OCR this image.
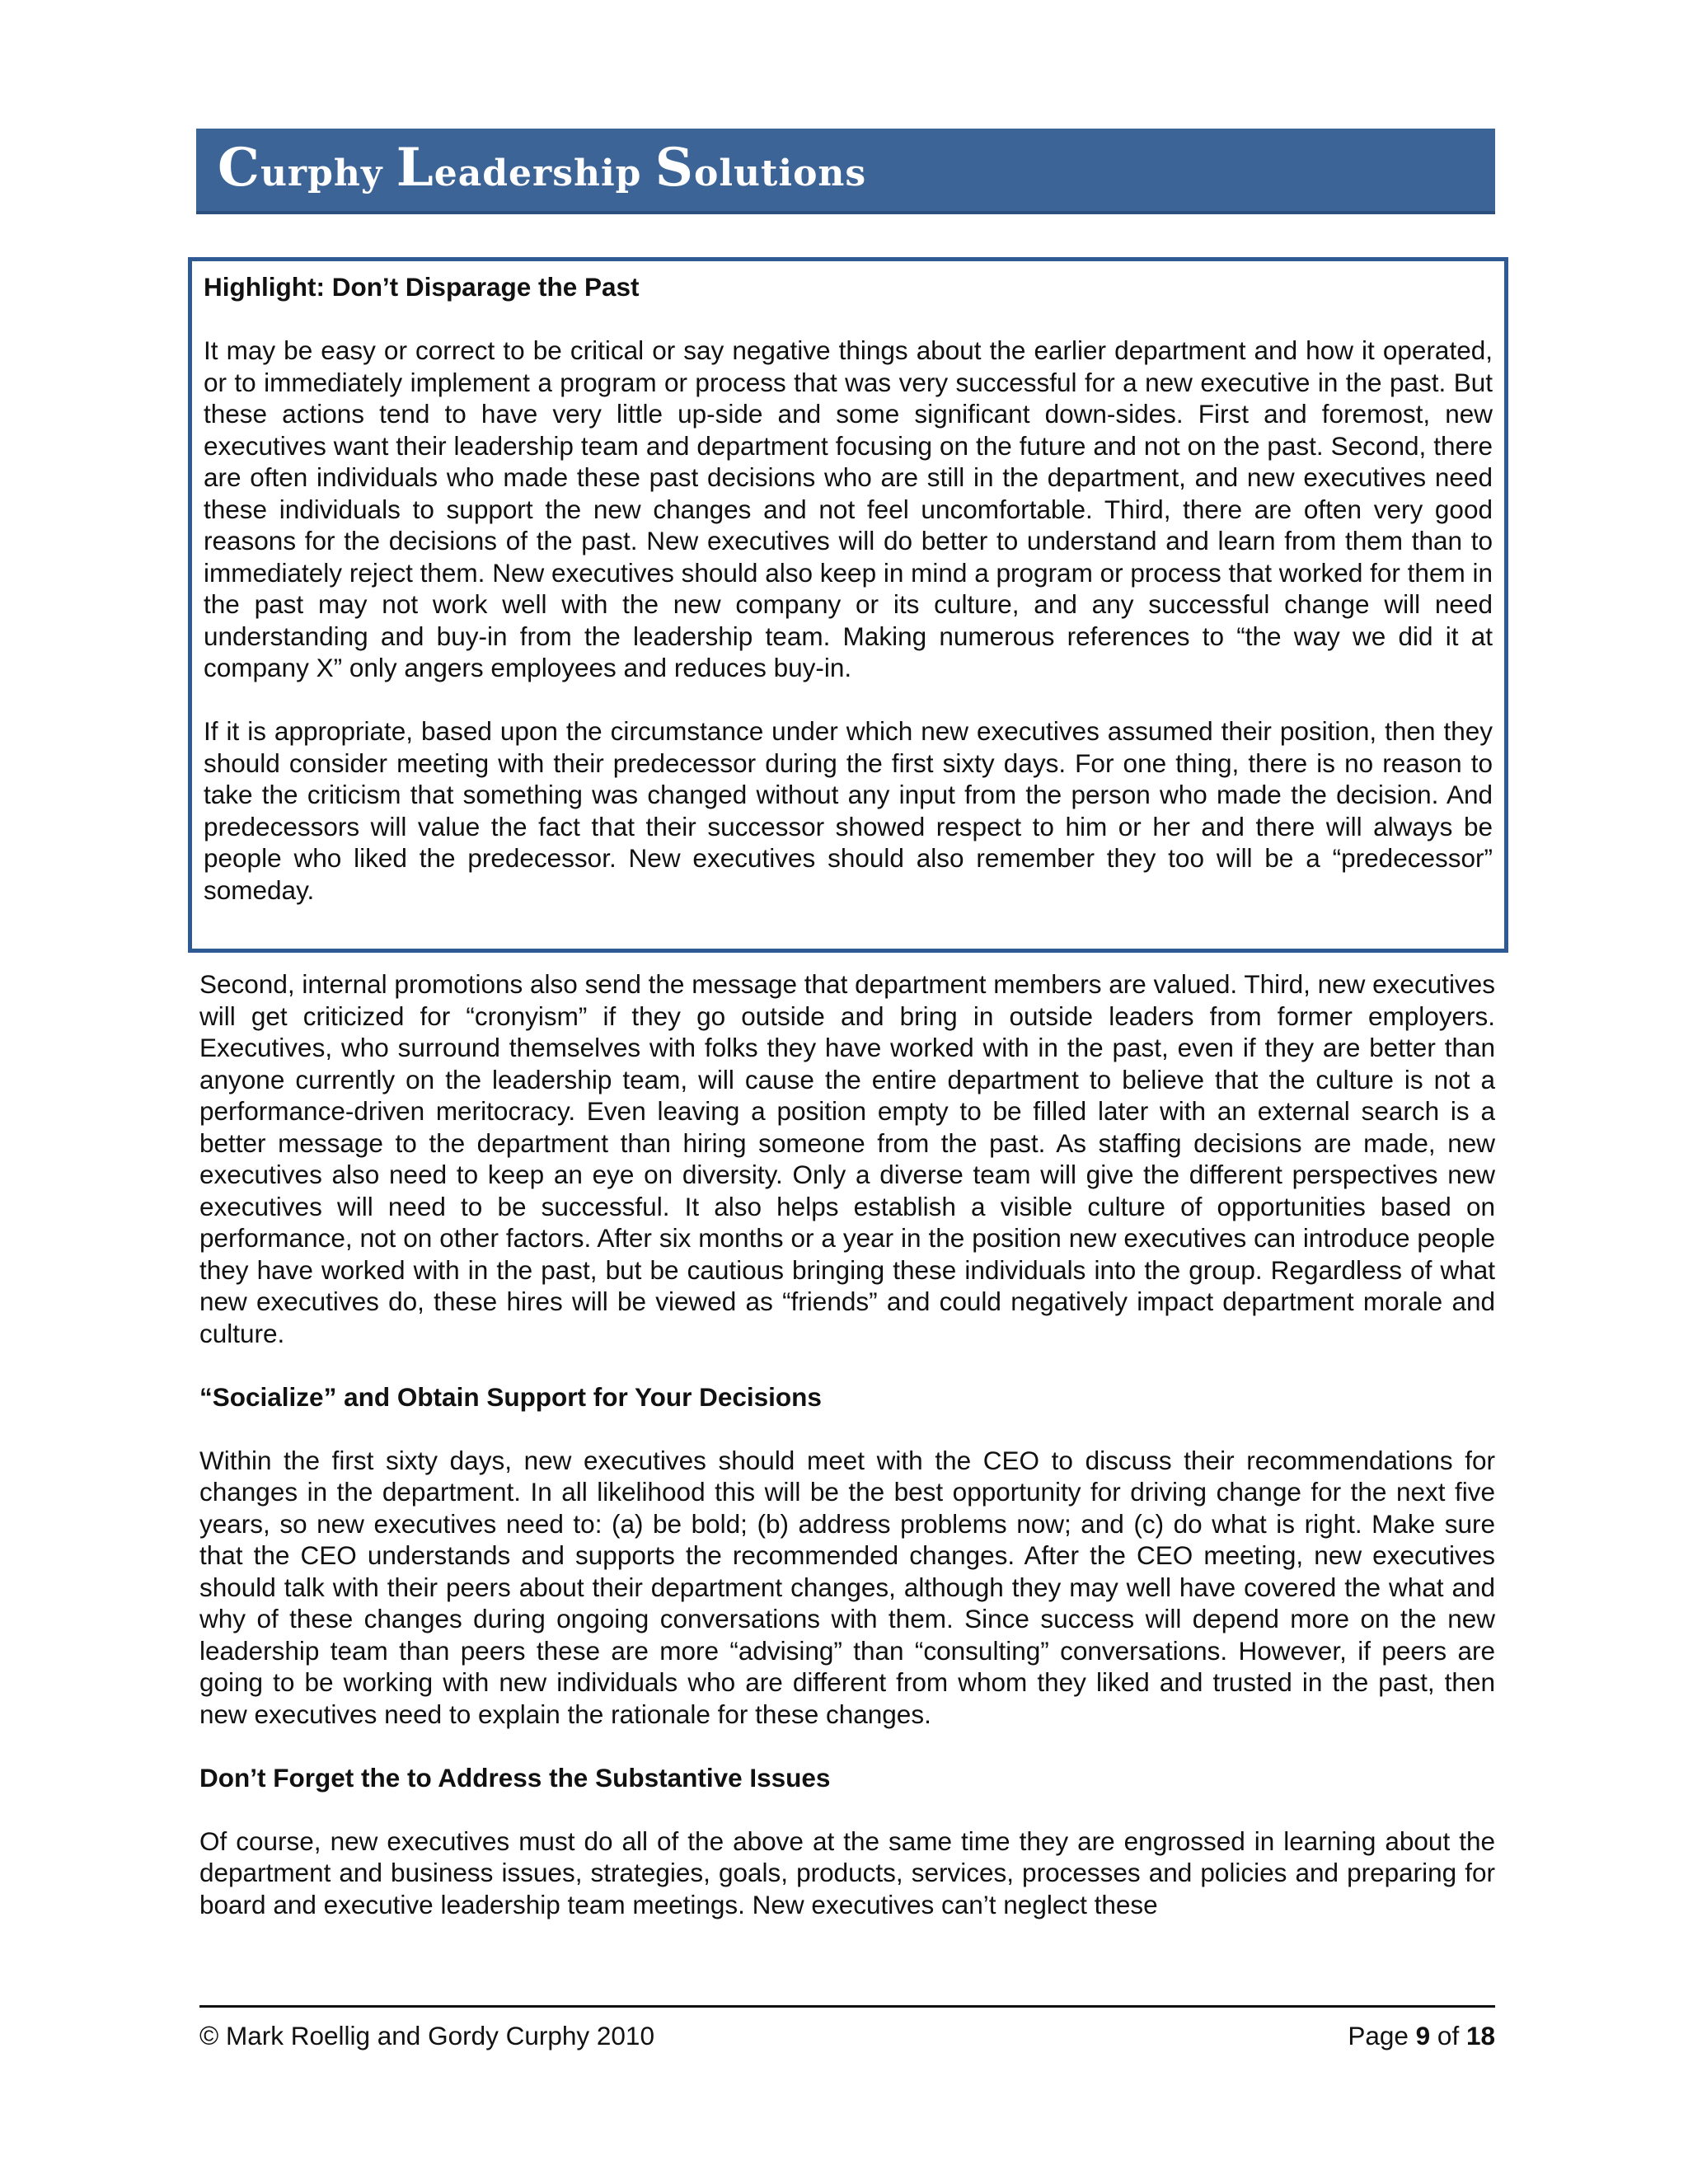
Curphy Leadership Solutions

Highlight: Don’t Disparage the Past

It may be easy or correct to be critical or say negative things about the earlier department and how it operated, or to immediately implement a program or process that was very successful for a new executive in the past. But these actions tend to have very little up-side and some significant down-sides. First and foremost, new executives want their leadership team and department focusing on the future and not on the past. Second, there are often individuals who made these past decisions who are still in the department, and new executives need these individuals to support the new changes and not feel uncomfortable. Third, there are often very good reasons for the decisions of the past. New executives will do better to understand and learn from them than to immediately reject them. New executives should also keep in mind a program or process that worked for them in the past may not work well with the new company or its culture, and any successful change will need understanding and buy-in from the leadership team. Making numerous references to “the way we did it at company X” only angers employees and reduces buy-in.

If it is appropriate, based upon the circumstance under which new executives assumed their position, then they should consider meeting with their predecessor during the first sixty days. For one thing, there is no reason to take the criticism that something was changed without any input from the person who made the decision. And predecessors will value the fact that their successor showed respect to him or her and there will always be people who liked the predecessor. New executives should also remember they too will be a “predecessor” someday.

Second, internal promotions also send the message that department members are valued. Third, new executives will get criticized for “cronyism” if they go outside and bring in outside leaders from former employers. Executives, who surround themselves with folks they have worked with in the past, even if they are better than anyone currently on the leadership team, will cause the entire department to believe that the culture is not a performance-driven meritocracy. Even leaving a position empty to be filled later with an external search is a better message to the department than hiring someone from the past. As staffing decisions are made, new executives also need to keep an eye on diversity. Only a diverse team will give the different perspectives new executives will need to be successful. It also helps establish a visible culture of opportunities based on performance, not on other factors. After six months or a year in the position new executives can introduce people they have worked with in the past, but be cautious bringing these individuals into the group. Regardless of what new executives do, these hires will be viewed as “friends” and could negatively impact department morale and culture.

“Socialize” and Obtain Support for Your Decisions

Within the first sixty days, new executives should meet with the CEO to discuss their recommendations for changes in the department. In all likelihood this will be the best opportunity for driving change for the next five years, so new executives need to: (a) be bold; (b) address problems now; and (c) do what is right. Make sure that the CEO understands and supports the recommended changes. After the CEO meeting, new executives should talk with their peers about their department changes, although they may well have covered the what and why of these changes during ongoing conversations with them. Since success will depend more on the new leadership team than peers these are more “advising” than “consulting” conversations. However, if peers are going to be working with new individuals who are different from whom they liked and trusted in the past, then new executives need to explain the rationale for these changes.

Don’t Forget the to Address the Substantive Issues

Of course, new executives must do all of the above at the same time they are engrossed in learning about the department and business issues, strategies, goals, products, services, processes and policies and preparing for board and executive leadership team meetings. New executives can’t neglect these

© Mark Roellig and Gordy Curphy 2010	Page 9 of 18
